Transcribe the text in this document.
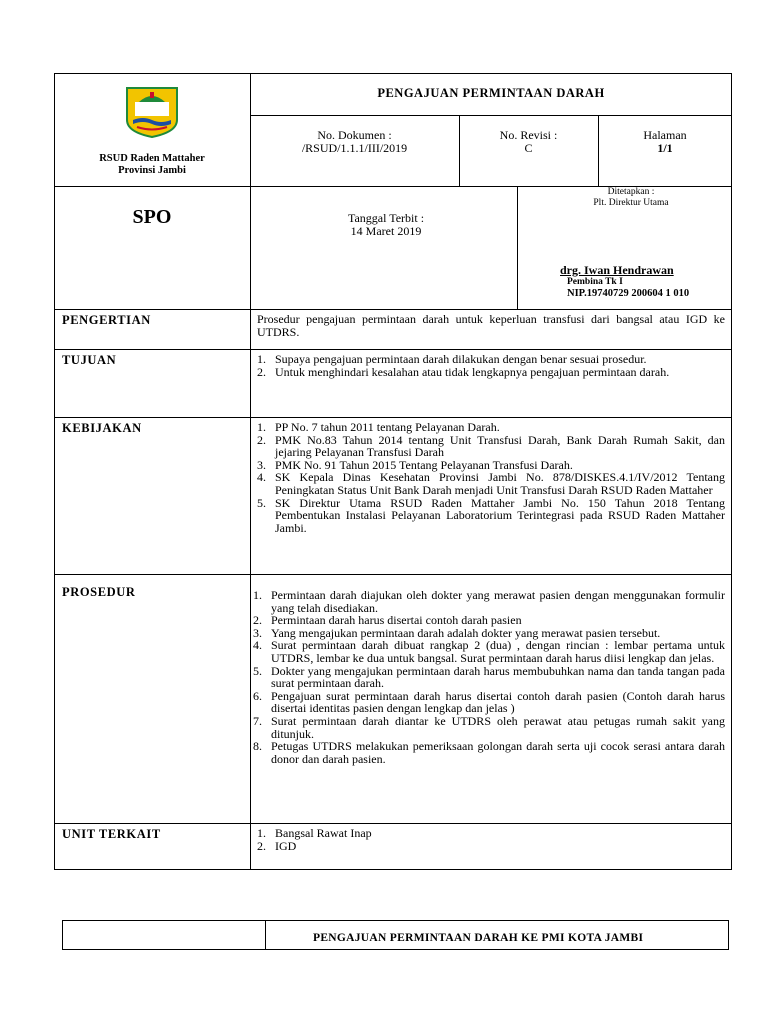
RSUD Raden Mattaher
Provinsi Jambi
PENGAJUAN PERMINTAAN DARAH
No. Dokumen :
/RSUD/1.1.1/III/2019
No. Revisi :
C
Halaman
1/1
SPO	Tanggal Terbit :
14 Maret 2019
Ditetapkan :
Plt. Direktur Utama
drg. Iwan Hendrawan
Pembina Tk I
NIP.19740729 200604 1 010
PENGERTIAN	Prosedur pengajuan permintaan darah untuk keperluan transfusi dari bangsal atau IGD ke UTDRS.
TUJUAN	1. Supaya pengajuan permintaan darah dilakukan dengan benar sesuai prosedur.
2. Untuk menghindari kesalahan atau tidak lengkapnya pengajuan permintaan darah.
KEBIJAKAN	1. PP No. 7 tahun 2011 tentang Pelayanan Darah.
2. PMK No.83 Tahun 2014 tentang Unit Transfusi Darah, Bank Darah Rumah Sakit, dan jejaring Pelayanan Transfusi Darah
3. PMK No. 91 Tahun 2015 Tentang Pelayanan Transfusi Darah.
4. SK Kepala Dinas Kesehatan Provinsi Jambi No. 878/DISKES.4.1/IV/2012 Tentang Peningkatan Status Unit Bank Darah menjadi Unit Transfusi Darah RSUD Raden Mattaher
5. SK Direktur Utama RSUD Raden Mattaher Jambi No. 150 Tahun 2018 Tentang Pembentukan Instalasi Pelayanan Laboratorium Terintegrasi pada RSUD Raden Mattaher Jambi.
PROSEDUR	1. Permintaan darah diajukan oleh dokter yang merawat pasien dengan menggunakan formulir yang telah disediakan.
2. Permintaan darah harus disertai contoh darah pasien
3. Yang mengajukan permintaan darah adalah dokter yang merawat pasien tersebut.
4. Surat permintaan darah dibuat rangkap 2 (dua) , dengan rincian : lembar pertama untuk UTDRS, lembar ke dua untuk bangsal. Surat permintaan darah harus diisi lengkap dan jelas.
5. Dokter yang mengajukan permintaan darah harus membubuhkan nama dan tanda tangan pada surat permintaan darah.
6. Pengajuan surat permintaan darah harus disertai contoh darah pasien (Contoh darah harus disertai identitas pasien dengan lengkap dan jelas )
7. Surat permintaan darah diantar ke UTDRS oleh perawat atau petugas rumah sakit yang ditunjuk.
8. Petugas UTDRS melakukan pemeriksaan golongan darah serta uji cocok serasi antara darah donor dan darah pasien.
UNIT TERKAIT	1. Bangsal Rawat Inap
2. IGD
PENGAJUAN PERMINTAAN DARAH KE PMI KOTA JAMBI
